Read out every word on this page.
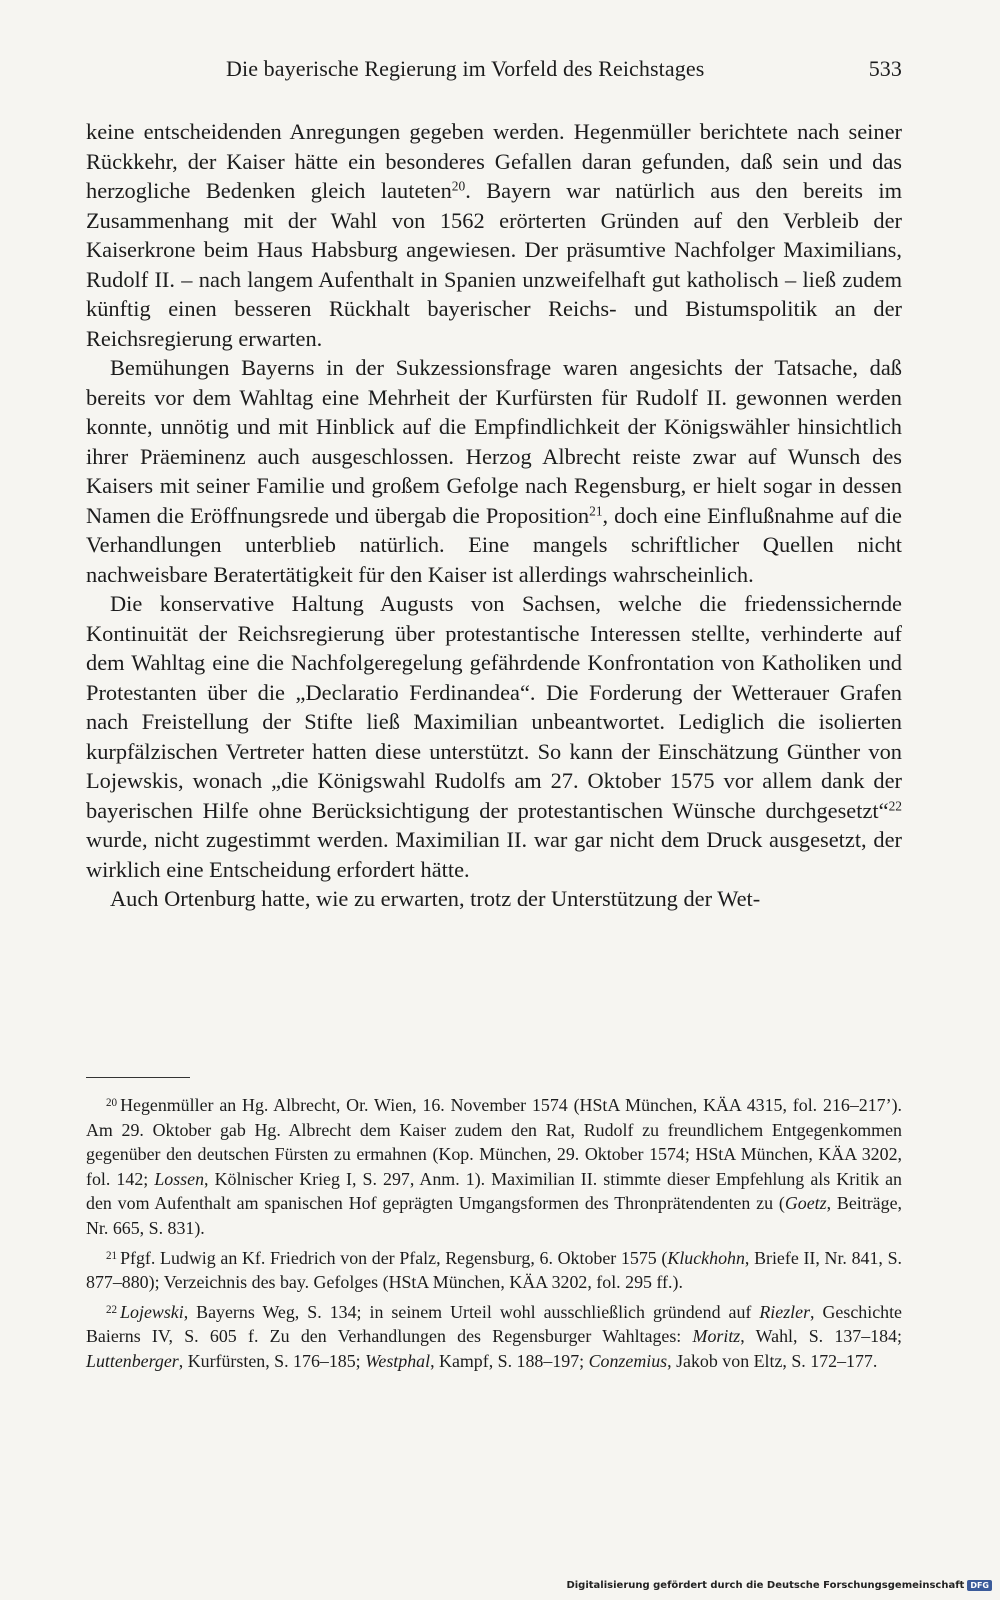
Die bayerische Regierung im Vorfeld des Reichstages	533

keine entscheidenden Anregungen gegeben werden. Hegenmüller berichtete nach seiner Rückkehr, der Kaiser hätte ein besonderes Gefallen daran gefunden, daß sein und das herzogliche Bedenken gleich lauteten$^{20}$. Bayern war natürlich aus den bereits im Zusammenhang mit der Wahl von 1562 erörterten Gründen auf den Verbleib der Kaiserkrone beim Haus Habsburg angewiesen. Der präsumtive Nachfolger Maximilians, Rudolf II. – nach langem Aufenthalt in Spanien unzweifelhaft gut katholisch – ließ zudem künftig einen besseren Rückhalt bayerischer Reichs- und Bistumspolitik an der Reichsregierung erwarten.

Bemühungen Bayerns in der Sukzessionsfrage waren angesichts der Tatsache, daß bereits vor dem Wahltag eine Mehrheit der Kurfürsten für Rudolf II. gewonnen werden konnte, unnötig und mit Hinblick auf die Empfindlichkeit der Königswähler hinsichtlich ihrer Präeminenz auch ausgeschlossen. Herzog Albrecht reiste zwar auf Wunsch des Kaisers mit seiner Familie und großem Gefolge nach Regensburg, er hielt sogar in dessen Namen die Eröffnungsrede und übergab die Proposition$^{21}$, doch eine Einflußnahme auf die Verhandlungen unterblieb natürlich. Eine mangels schriftlicher Quellen nicht nachweisbare Beratertätigkeit für den Kaiser ist allerdings wahrscheinlich.

Die konservative Haltung Augusts von Sachsen, welche die friedenssichernde Kontinuität der Reichsregierung über protestantische Interessen stellte, verhinderte auf dem Wahltag eine die Nachfolgeregelung gefährdende Konfrontation von Katholiken und Protestanten über die „Declaratio Ferdinandea“. Die Forderung der Wetterauer Grafen nach Freistellung der Stifte ließ Maximilian unbeantwortet. Lediglich die isolierten kurpfälzischen Vertreter hatten diese unterstützt. So kann der Einschätzung Günther von Lojewskis, wonach „die Königswahl Rudolfs am 27. Oktober 1575 vor allem dank der bayerischen Hilfe ohne Berücksichtigung der protestantischen Wünsche durchgesetzt“$^{22}$ wurde, nicht zugestimmt werden. Maximilian II. war gar nicht dem Druck ausgesetzt, der wirklich eine Entscheidung erfordert hätte.

Auch Ortenburg hatte, wie zu erwarten, trotz der Unterstützung der Wet-

$^{20}$ Hegenmüller an Hg. Albrecht, Or. Wien, 16. November 1574 (HStA München, KÄA 4315, fol. 216–217’). Am 29. Oktober gab Hg. Albrecht dem Kaiser zudem den Rat, Rudolf zu freundlichem Entgegenkommen gegenüber den deutschen Fürsten zu ermahnen (Kop. München, 29. Oktober 1574; HStA München, KÄA 3202, fol. 142; Lossen, Kölnischer Krieg I, S. 297, Anm. 1). Maximilian II. stimmte dieser Empfehlung als Kritik an den vom Aufenthalt am spanischen Hof geprägten Umgangsformen des Thronprätendenten zu (Goetz, Beiträge, Nr. 665, S. 831).

$^{21}$ Pfgf. Ludwig an Kf. Friedrich von der Pfalz, Regensburg, 6. Oktober 1575 (Kluckhohn, Briefe II, Nr. 841, S. 877–880); Verzeichnis des bay. Gefolges (HStA München, KÄA 3202, fol. 295 ff.).

$^{22}$ Lojewski, Bayerns Weg, S. 134; in seinem Urteil wohl ausschließlich gründend auf Riezler, Geschichte Baierns IV, S. 605 f. Zu den Verhandlungen des Regensburger Wahltages: Moritz, Wahl, S. 137–184; Luttenberger, Kurfürsten, S. 176–185; Westphal, Kampf, S. 188–197; Conzemius, Jakob von Eltz, S. 172–177.

Digitalisierung gefördert durch die Deutsche Forschungsgemeinschaft DFG
